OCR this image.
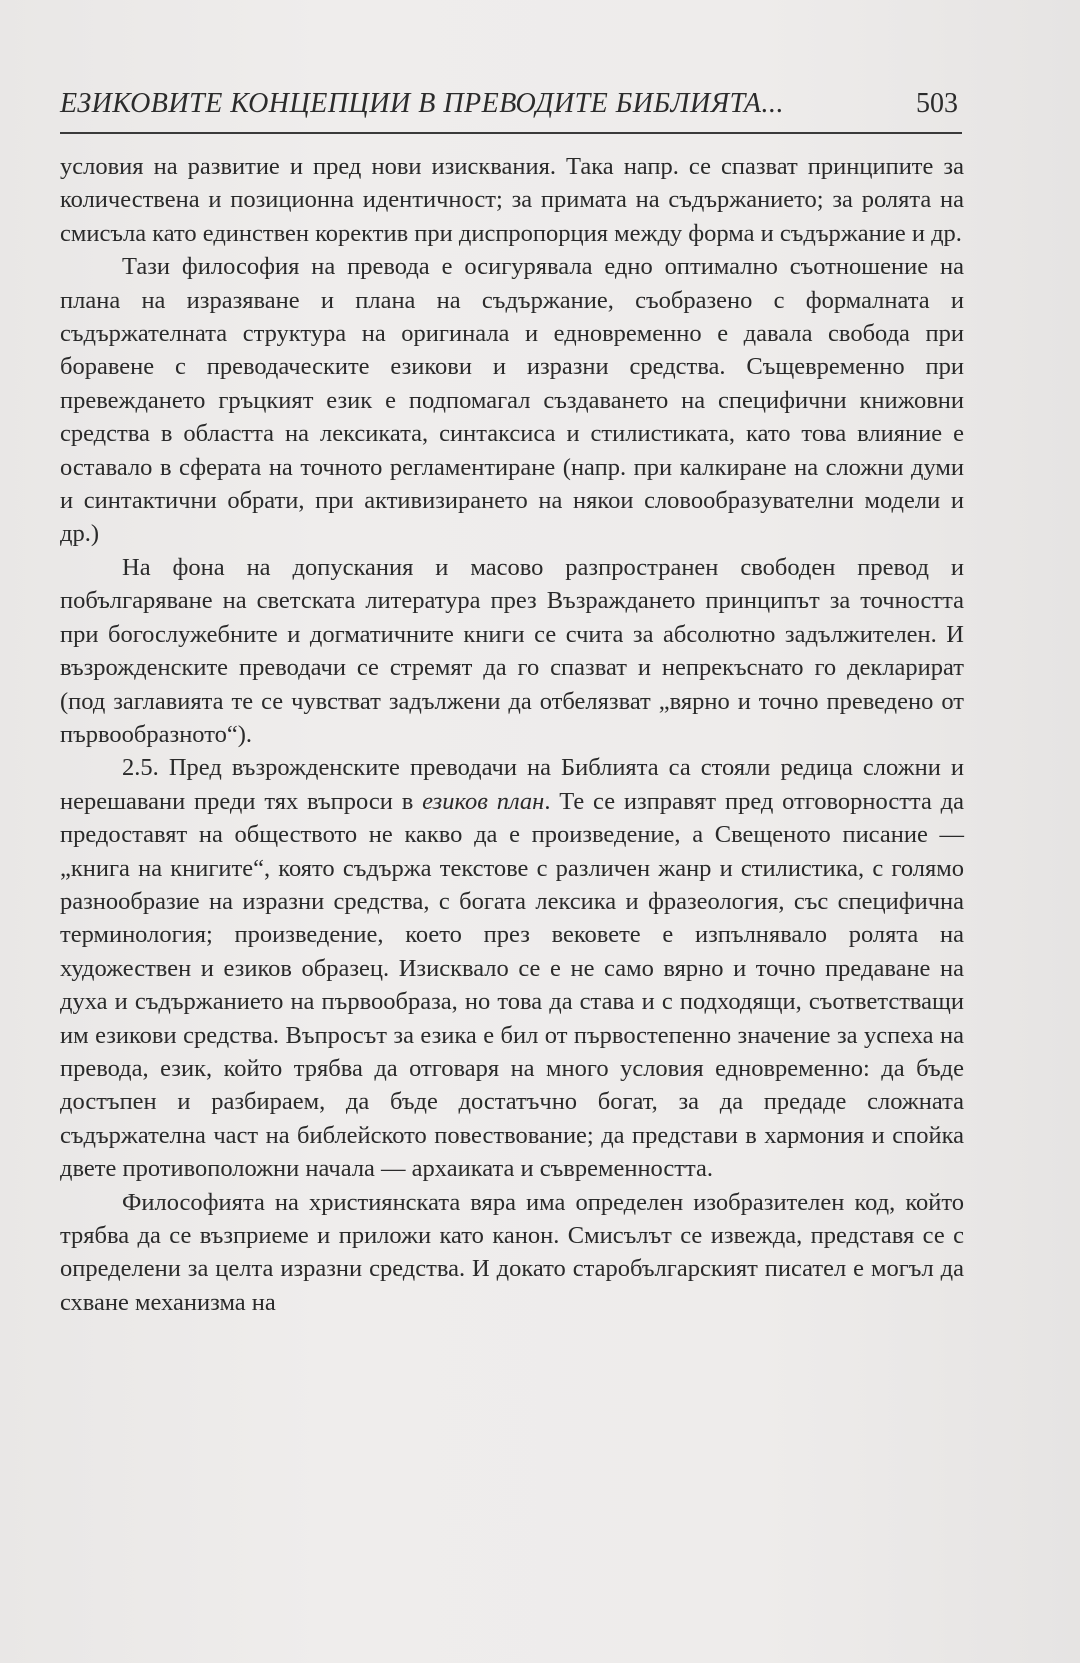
ЕЗИКОВИТЕ КОНЦЕПЦИИ В ПРЕВОДИТЕ БИБЛИЯТА...	503

условия на развитие и пред нови изисквания. Така напр. се спазват принципите за количествена и позиционна идентичност; за примата на съдържанието; за ролята на смисъла като единствен коректив при диспропорция между форма и съдържание и др.

Тази философия на превода е осигурявала едно оптимално съотношение на плана на изразяване и плана на съдържание, съобразено с формалната и съдържателната структура на оригинала и едновременно е давала свобода при боравене с преводаческите езикови и изразни средства. Същевременно при превеждането гръцкият език е подпомагал създаването на специфични книжовни средства в областта на лексиката, синтаксиса и стилистиката, като това влияние е оставало в сферата на точното регламентиране (напр. при калкиране на сложни думи и синтактични обрати, при активизирането на някои словообразувателни модели и др.)

На фона на допускания и масово разпространен свободен превод и побългаряване на светската литература през Възраждането принципът за точността при богослужебните и догматичните книги се счита за абсолютно задължителен. И възрожденските преводачи се стремят да го спазват и непрекъснато го декларират (под заглавията те се чувстват задължени да отбелязват „вярно и точно преведено от първообразното“).

2.5. Пред възрожденските преводачи на Библията са стояли редица сложни и нерешавани преди тях въпроси в езиков план. Те се изправят пред отговорността да предоставят на обществото не какво да е произведение, а Свещеното писание — „книга на книгите“, която съдържа текстове с различен жанр и стилистика, с голямо разнообразие на изразни средства, с богата лексика и фразеология, със специфична терминология; произведение, което през вековете е изпълнявало ролята на художествен и езиков образец. Изисквало се е не само вярно и точно предаване на духа и съдържанието на първообраза, но това да става и с подходящи, съответстващи им езикови средства. Въпросът за езика е бил от първостепенно значение за успеха на превода, език, който трябва да отговаря на много условия едновременно: да бъде достъпен и разбираем, да бъде достатъчно богат, за да предаде сложната съдържателна част на библейското повествование; да представи в хармония и спойка двете противоположни начала — архаиката и съвременността.

Философията на християнската вяра има определен изобразителен код, който трябва да се възприеме и приложи като канон. Смисълът се извежда, представя се с определени за целта изразни средства. И докато старобългарският писател е могъл да схване механизма на
